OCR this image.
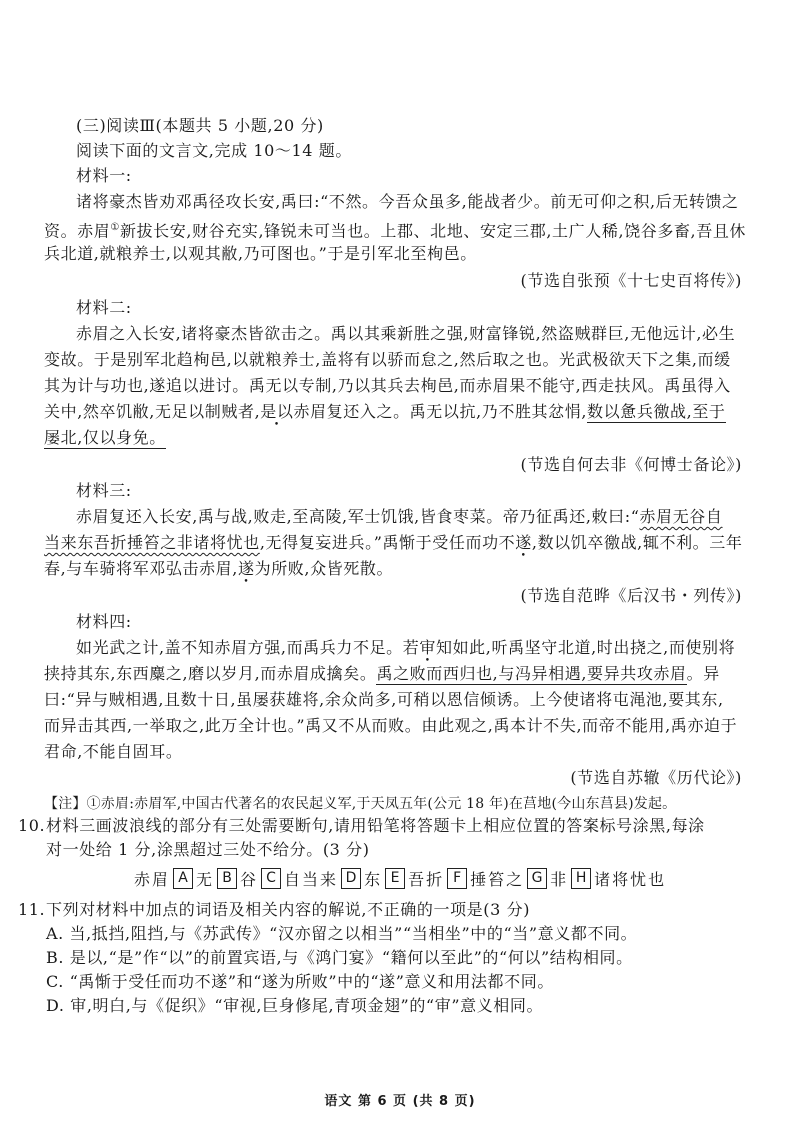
(三)阅读Ⅲ(本题共 5 小题,20 分)
阅读下面的文言文,完成 10～14 题。
材料一:
诸将豪杰皆劝邓禹径攻长安,禹曰:“不然。今吾众虽多,能战者少。前无可仰之积,后无转馈之
资。赤眉①新拔长安,财谷充实,锋锐未可当也。上郡、北地、安定三郡,土广人稀,饶谷多畜,吾且休
兵北道,就粮养士,以观其敝,乃可图也。”于是引军北至栒邑。
(节选自张预《十七史百将传》)
材料二:
赤眉之入长安,诸将豪杰皆欲击之。禹以其乘新胜之强,财富锋锐,然盗贼群巨,无他远计,必生
变故。于是别军北趋栒邑,以就粮养士,盖将有以骄而怠之,然后取之也。光武极欲天下之集,而缓
其为计与功也,遂追以进讨。禹无以专制,乃以其兵去栒邑,而赤眉果不能守,西走扶风。禹虽得入
关中,然卒饥敝,无足以制贼者,是以赤眉复还入之。禹无以抗,乃不胜其忿悁,数以惫兵徼战,至于
屡北,仅以身免。
(节选自何去非《何博士备论》)
材料三:
赤眉复还入长安,禹与战,败走,至高陵,军士饥饿,皆食枣菜。帝乃征禹还,敕曰:“赤眉无谷自
当来东吾折捶笞之非诸将忧也,无得复妄进兵。”禹惭于受任而功不遂,数以饥卒徼战,辄不利。三年
春,与车骑将军邓弘击赤眉,遂为所败,众皆死散。
(节选自范晔《后汉书・列传》)
材料四:
如光武之计,盖不知赤眉方强,而禹兵力不足。若审知如此,听禹坚守北道,时出挠之,而使别将
挟持其东,东西麋之,磨以岁月,而赤眉成擒矣。禹之败而西归也,与冯异相遇,要异共攻赤眉。异
曰:“异与贼相遇,且数十日,虽屡获雄将,余众尚多,可稍以恩信倾诱。上今使诸将屯渑池,要其东,
而异击其西,一举取之,此万全计也。”禹又不从而败。由此观之,禹本计不失,而帝不能用,禹亦迫于
君命,不能自固耳。
(节选自苏辙《历代论》)
【注】①赤眉:赤眉军,中国古代著名的农民起义军,于天凤五年(公元 18 年)在莒地(今山东莒县)发起。
10. 材料三画波浪线的部分有三处需要断句,请用铅笔将答题卡上相应位置的答案标号涂黑,每涂
对一处给 1 分,涂黑超过三处不给分。(3 分)
赤眉 A 无 B 谷 C 自当来 D 东 E 吾折 F 捶笞之 G 非 H 诸将忧也
11. 下列对材料中加点的词语及相关内容的解说,不正确的一项是(3 分)
A. 当,抵挡,阻挡,与《苏武传》“汉亦留之以相当”“当相坐”中的“当”意义都不同。
B. 是以,“是”作“以”的前置宾语,与《鸿门宴》“籍何以至此”的“何以”结构相同。
C. “禹惭于受任而功不遂”和“遂为所败”中的“遂”意义和用法都不同。
D. 审,明白,与《促织》“审视,巨身修尾,青项金翅”的“审”意义相同。
语文 第 6 页 (共 8 页)
